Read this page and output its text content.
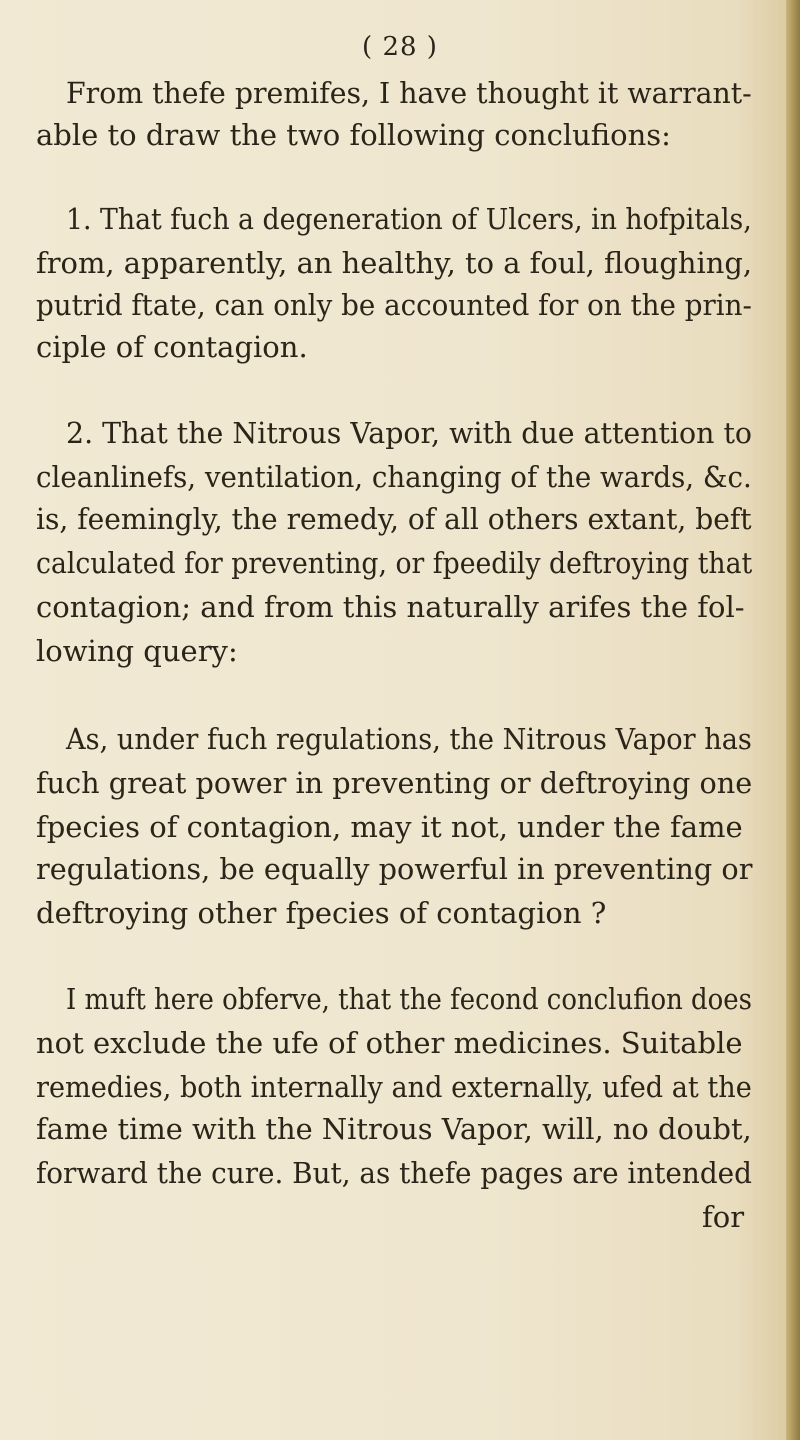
( 28 )
From thefe premifes, I have thought it warrant-
able to draw the two following conclufions:
1. That fuch a degeneration of Ulcers, in hofpitals,
from, apparently, an healthy, to a foul, floughing,
putrid ftate, can only be accounted for on the prin-
ciple of contagion.
2. That the Nitrous Vapor, with due attention to
cleanlinefs, ventilation, changing of the wards, &c.
is, feemingly, the remedy, of all others extant, beft
calculated for preventing, or fpeedily deftroying that
contagion; and from this naturally arifes the fol-
lowing query:
As, under fuch regulations, the Nitrous Vapor has
fuch great power in preventing or deftroying one
fpecies of contagion, may it not, under the fame
regulations, be equally powerful in preventing or
deftroying other fpecies of contagion ?
I muft here obferve, that the fecond conclufion does
not exclude the ufe of other medicines. Suitable
remedies, both internally and externally, ufed at the
fame time with the Nitrous Vapor, will, no doubt,
forward the cure. But, as thefe pages are intended
for
